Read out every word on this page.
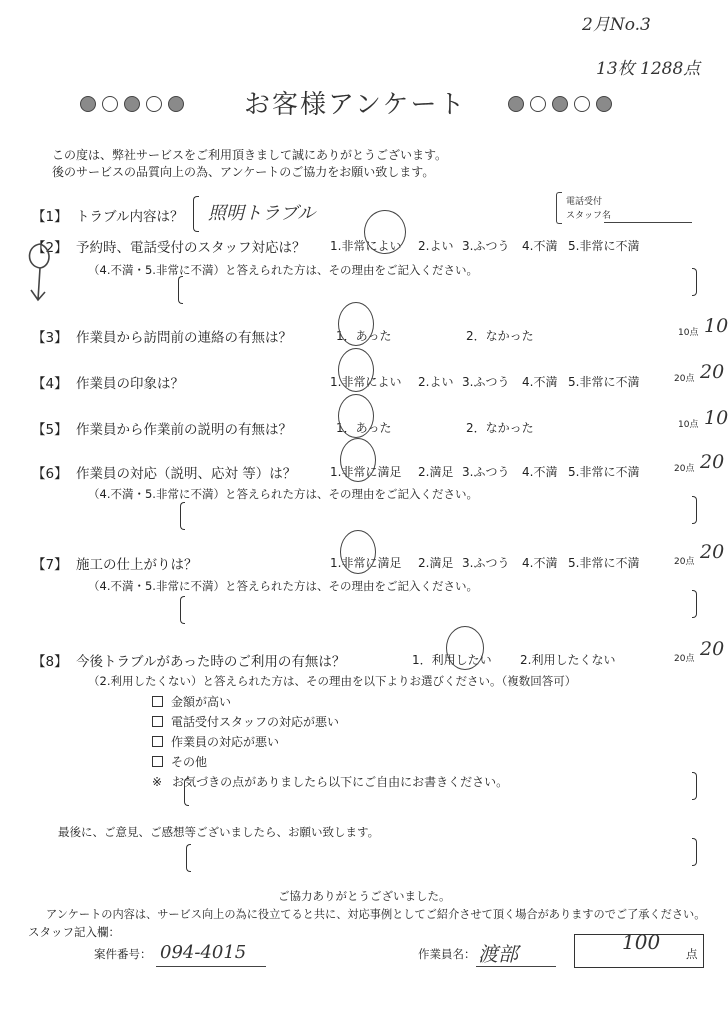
2月No.3
13枚 1288点
お客様アンケート
この度は、弊社サービスをご利用頂きまして誠にありがとうございます。
後のサービスの品質向上の為、アンケートのご協力をお願い致します。
電話受付
スタッフ名
【1】 トラブル内容は？ 照明トラブル
【2】 予約時、電話受付のスタッフ対応は？ 1.非常によい 2.よい 3.ふつう 4.不満 5.非常に不満
（4.不満・5.非常に不満）と答えられた方は、その理由をご記入ください。
【3】 作業員から訪問前の連絡の有無は？	1．あった	2．なかった	10点 10
【4】 作業員の印象は？	1.非常によい 2.よい 3.ふつう 4.不満 5.非常に不満	20点 20
【5】 作業員から作業前の説明の有無は？	1．あった	2．なかった	10点 10
【6】 作業員の対応（説明、応対 等）は？	1.非常に満足 2.満足 3.ふつう 4.不満 5.非常に不満	20点 20
（4.不満・5.非常に不満）と答えられた方は、その理由をご記入ください。
【7】 施工の仕上がりは？	1.非常に満足 2.満足 3.ふつう 4.不満 5.非常に不満	20点 20
（4.不満・5.非常に不満）と答えられた方は、その理由をご記入ください。
【8】 今後トラブルがあった時のご利用の有無は？	1．利用したい 2.利用したくない	20点 20
（2.利用したくない）と答えられた方は、その理由を以下よりお選びください。（複数回答可）
金額が高い
電話受付スタッフの対応が悪い
作業員の対応が悪い
その他
※ お気づきの点がありましたら以下にご自由にお書きください。
最後に、ご意見、ご感想等ございましたら、お願い致します。
ご協力ありがとうございました。
アンケートの内容は、サービス向上の為に役立てると共に、対応事例としてご紹介させて頂く場合がありますのでご了承ください。
スタッフ記入欄：
案件番号： 094-4015	作業員名： 渡部	100 点
